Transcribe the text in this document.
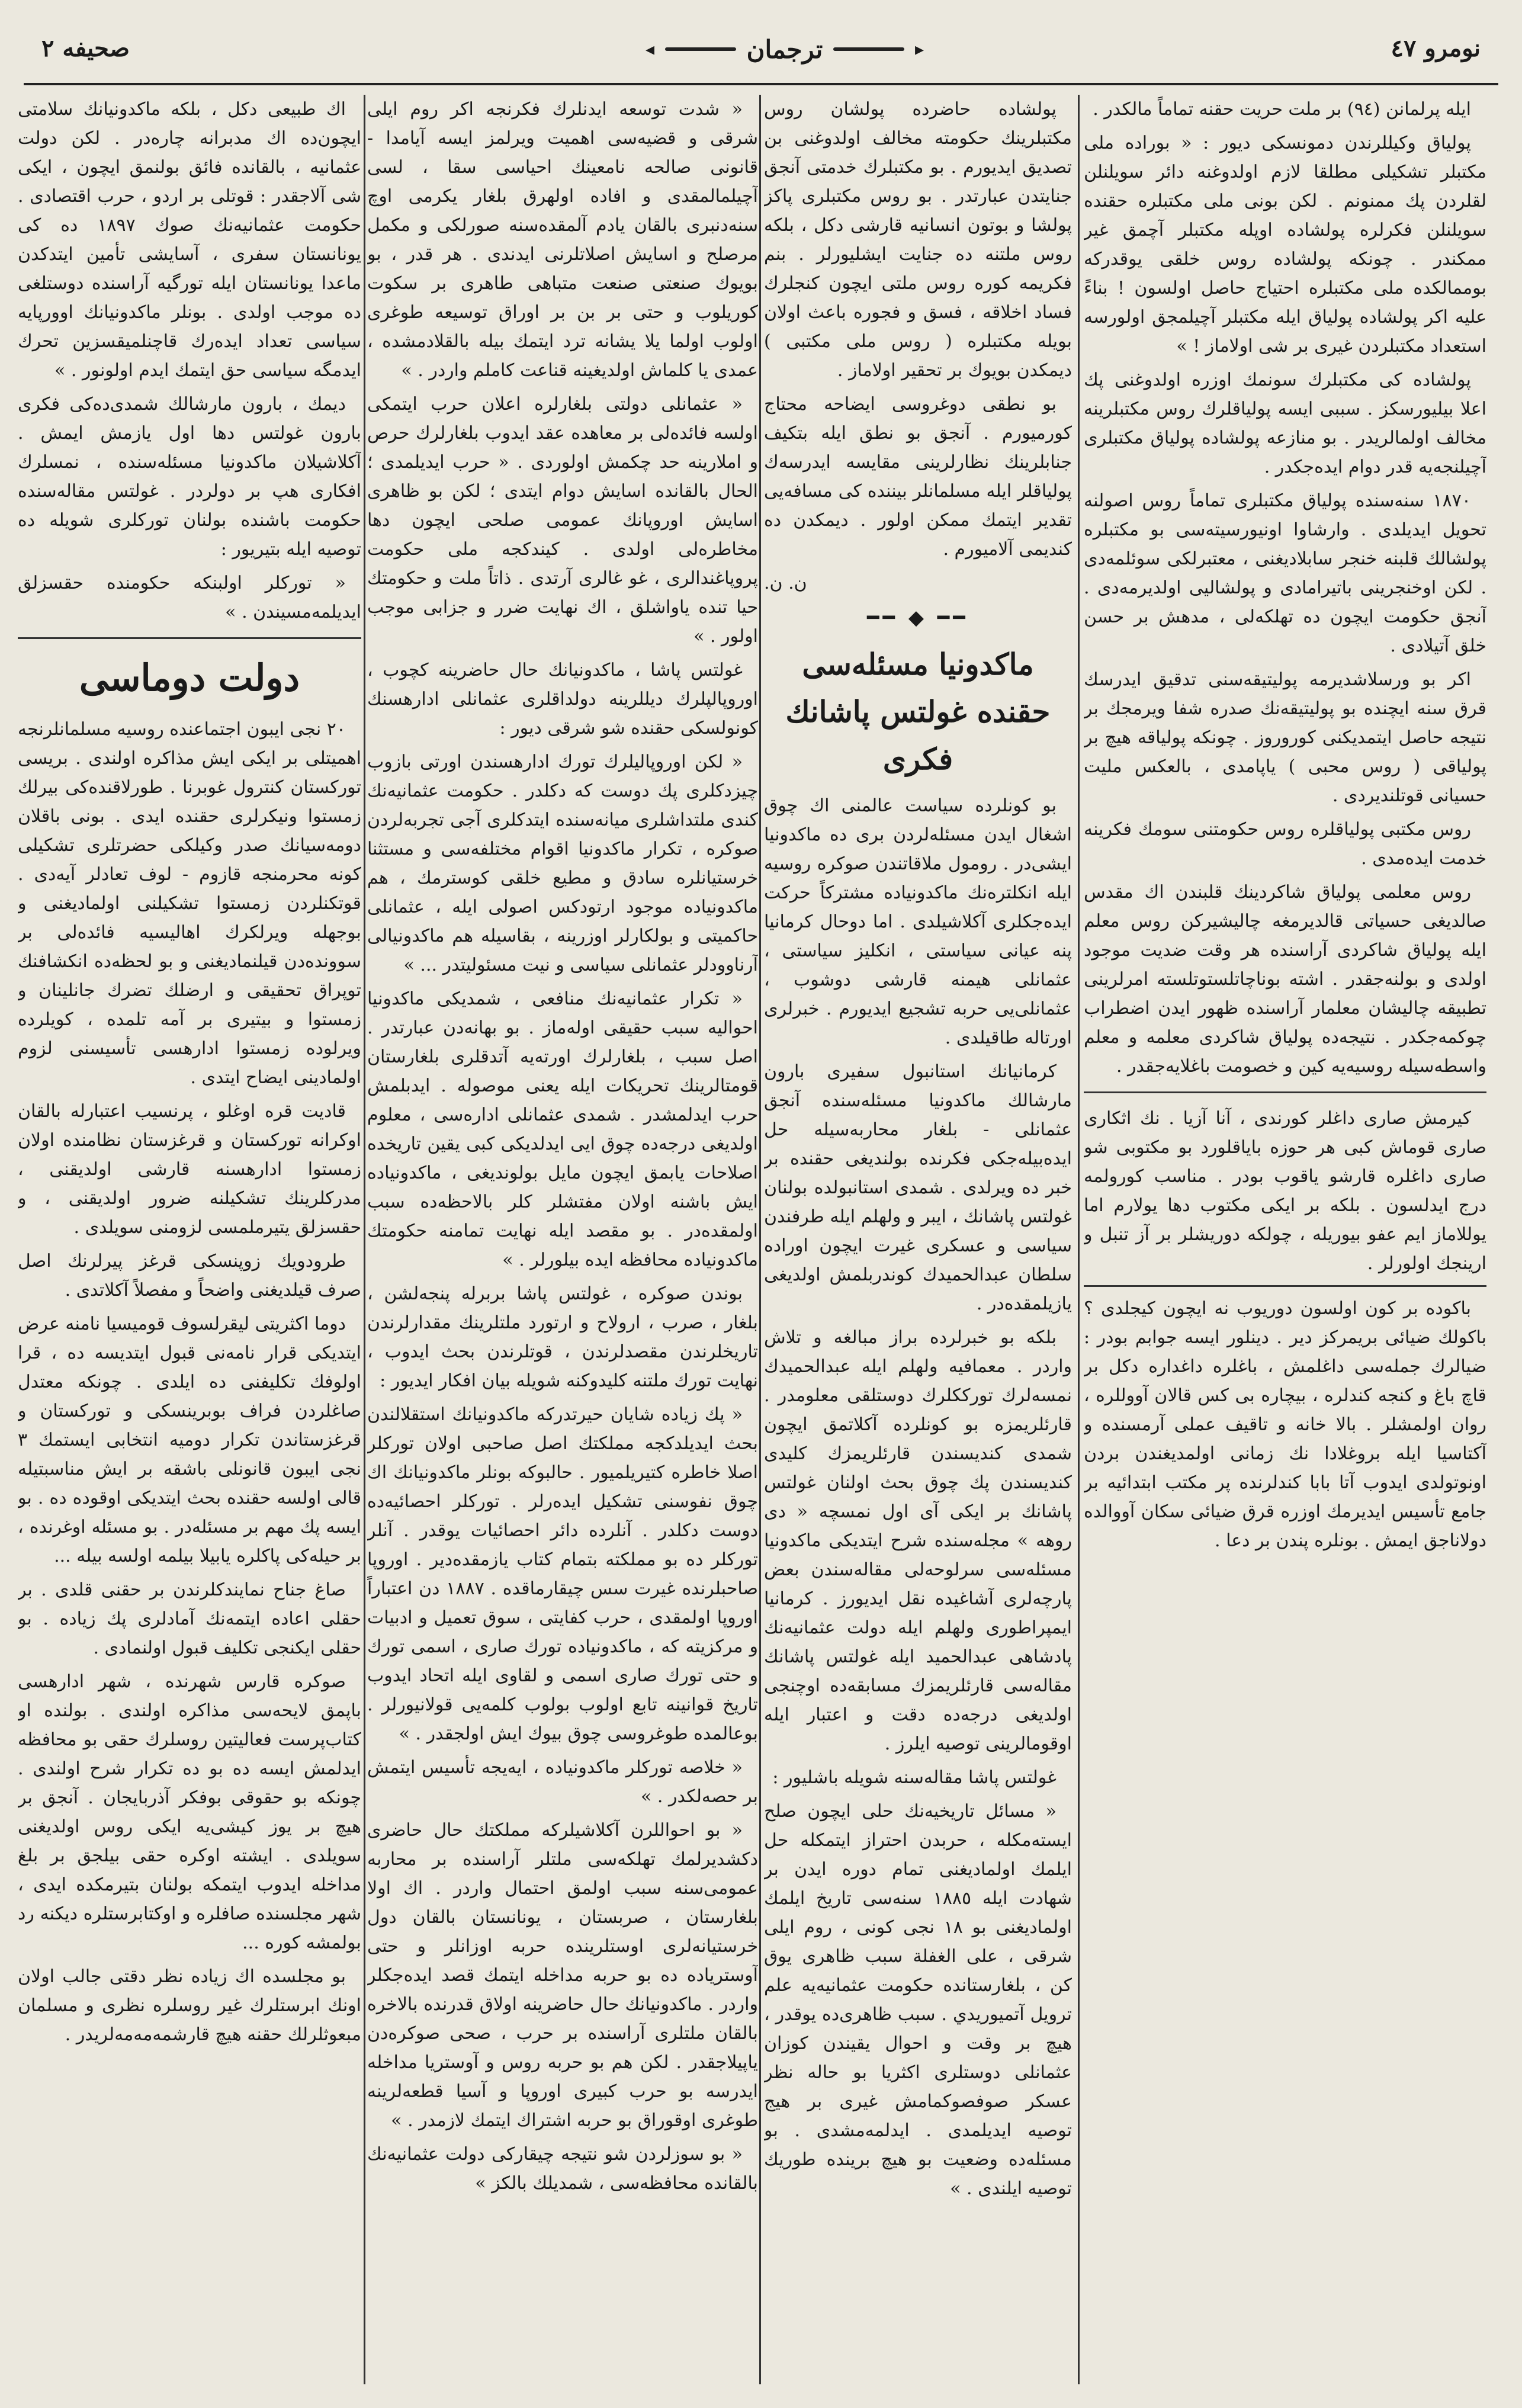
نومرو ٤٧
◂	ترجمان	▸
صحيفه ٢

ايله پرلمانن (٩٤) بر ملت حريت حقنه تماماً مالكدر .

پولياق وكيللرندن دمونسكى ديور : « بوراده ملى مكتبلر تشكيلى مطلقا لازم اولدوغنه دائر سويلنلن لقلردن پك ممنونم . لكن بونى ملى مكتبلره حقنده سويلنلن فكرلره پولشاده اوپله مكتبلر آچمق غير ممكندر . چونكه پولشاده روس خلقى يوقدركه بوممالكده ملى مكتبلره احتياج حاصل اولسون ! بناءً عليه اكر پولشاده پولياق ايله مكتبلر آچيلمجق اولورسه استعداد مكتبلردن غيرى بر شى اولاماز ! »

پولشاده كى مكتبلرك سونمك اوزره اولدوغنى پك اعلا بيليورسكز . سببى ايسه پولياقلرك روس مكتبلرينه مخالف اولمالريدر . بو منازعه پولشاده پولياق مكتبلرى آچيلنجه‌يه قدر دوام ايده‌جكدر .

١٨٧٠ سنه‌سنده پولياق مكتبلرى تماماً روس اصولنه تحويل ايديلدى . وارشاوا اونيورسيته‌سى بو مكتبلره پولشالك قلبنه خنجر سابلاديغنى ، معتبرلكى سوئلمه‌دى . لكن اوخنجرينى باتيرامادى و پولشاليى اولديرمه‌دى . آنجق حكومت ايچون ده تهلكه‌لى ، مدهش بر حسن خلق آتيلادى .

اكر بو ورسلاشديرمه پوليتيقه‌سنى تدقيق ايدرسك قرق سنه ايچنده بو پوليتيقه‌نك صدره شفا ويرمجك بر نتيجه حاصل ايتمديكنى كوروروز . چونكه پولياقه هيچ بر پولياقى ( روس محبى ) ياپامدى ، بالعكس مليت حسيانى قوتلنديردى .

روس مكتبى پولياقلره روس حكومتنى سومك فكرينه خدمت ايده‌مدى .

روس معلمى پولياق شاكردينك قلبندن اك مقدس صالديغى حسياتى قالديرمغه چاليشيركن روس معلم ايله پولياق شاكردى آراسنده هر وقت ضديت موجود اولدى و بولنه‌جقدر . اشته بوناچاتلستوتلسته امرلرينى تطبيقه چاليشان معلمار آراسنده ظهور ايدن اضطراب چوكمه‌جكدر . نتيجه‌ده پولياق شاكردى معلمه و معلم واسطه‌سيله روسيه‌يه كين و خصومت باغلايه‌جقدر .

كيرمش صارى داغلر كورندى ، آنا آزيا . نك اثكارى صارى قوماش كبى هر حوزه باياقلورد بو مكتوبى شو صارى داغلره قارشو ياقوب بودر . مناسب كورولمه درج ايدلسون . بلكه بر ايكى مكتوب دها يولارم اما يوللاماز ايم عفو بيوريله ، چولكه دوريشلر بر آز تنبل و ارينجك اولورلر .

باكوده بر كون اولسون دوريوب نه ايچون كيجلدى ؟ باكولك ضيائى بريمركز دير . دينلور ايسه جوابم بودر : ضيالرك جمله‌سى داغلمش ، باغلره داغداره دكل بر قاچ باغ و كنجه كندلره ، بيچاره بى كس قالان آووللره ، روان اولمشلر . بالا خانه و تاقيف عملى آرمسنده و آكتاسيا ايله بروغلادا نك زمانى اولمديغندن بردن اونوتولدى ايدوب آتا بابا كندلرنده پر مكتب ابتدائيه بر جامع تأسيس ايديرمك اوزره قرق ضيائى سكان آووالده دولاناجق ايمش . بونلره پندن بر دعا .

پولشاده حاضرده پولشان روس مكتبلرينك حكومته مخالف اولدوغنى بن تصديق ايديورم . بو مكتبلرك خدمتى آنجق جنايتدن عبارتدر . بو روس مكتبلرى پاكز پولشا و بوتون انسانيه قارشى دكل ، بلكه روس ملتنه ده جنايت ايشليورلر . بنم فكريمه كوره روس ملتى ايچون كنجلرك فساد اخلاقه ، فسق و فجوره باعث اولان بويله مكتبلره ( روس ملى مكتبى ) ديمكدن بويوك بر تحقير اولاماز .

بو نطقى دوغروسى ايضاحه محتاج كورميورم . آنجق بو نطق ايله بتكيف جنابلرينك نظارلرينى مقايسه ايدرسه‌ك پولياقلر ايله مسلمانلر بيننده كى مسافه‌يى تقدير ايتمك ممكن اولور . ديمكدن ده كنديمى آلاميورم .

ن. ن.
━━ ◆ ━━
ماكدونيا مسئله‌سى حقنده غولتس پاشانك فكرى

بو كونلرده سياست عالمنى اك چوق اشغال ايدن مسئله‌لردن برى ده ماكدونيا ايشى‌در . رومول ملاقاتندن صوكره روسيه ايله انكلتره‌نك ماكدونياده مشتركاً حركت ايده‌جكلرى آكلاشيلدى . اما دوحال كرمانيا پنه عيانى سياستى ، انكليز سياستى ، عثمانلى هيمنه قارشى دوشوب ، عثمانلى‌يى حربه تشجيع ايديورم . خبرلرى اورتاله طاقيلدى .

كرمانيانك استانبول سفيرى بارون مارشالك ماكدونيا مسئله‌سنده آنجق عثمانلى - بلغار محاربه‌سيله حل ايده‌بيله‌جكى فكرنده بولنديغى حقنده بر خبر ده ويرلدى . شمدى استانبولده بولنان غولتس پاشانك ، ايبر و ولهلم ايله طرفندن سياسى و عسكرى غيرت ايچون اوراده سلطان عبدالحميدك كوندربلمش اولديغى يازيلمقده‌در .

بلكه بو خبرلرده براز مبالغه و تلاش واردر . معمافيه ولهلم ايله عبدالحميدك نمسه‌لرك تورككلرك دوستلقى معلومدر . قارئلريمزه بو كونلرده آكلاتمق ايچون شمدى كنديسندن قارئلريمزك كليدى كنديسندن پك چوق بحث اولنان غولتس پاشانك بر ايكى آى اول نمسچه « دى روهه » مجله‌سنده شرح ايتديكى ماكدونيا مسئله‌سى سرلوحه‌لى مقاله‌سندن بعض پارچه‌لرى آشاغيده نقل ايديورز . كرمانيا ايمپراطورى ولهلم ايله دولت عثمانيه‌نك پادشاهى عبدالحميد ايله غولتس پاشانك مقاله‌سى قارئلريمزك مسابقه‌ده اوچنجى اولديغى درجه‌ده دقت و اعتبار ايله اوقومالرينى توصيه ايلرز .

غولتس پاشا مقاله‌سنه شويله باشليور :

« مسائل تاريخيه‌نك حلى ايچون صلح ايسته‌مكله ، حربدن احتراز ايتمكله حل ايلمك اولماديغنى تمام دوره ايدن بر شهادت ايله ١٨٨٥ سنه‌سى تاريخ ايلمك اولماديغنى بو ١٨ نجى كونى ، روم ايلى شرقى ، على الغفلة سبب ظاهرى يوق كن ، بلغارستانده حكومت عثمانيه‌يه علم ترويل آتميوريدي . سبب ظاهرى‌ده يوقدر ، هيچ بر وقت و احوال يقيندن كوزان عثمانلى دوستلرى اكثريا بو حاله نظر عسكر صوفصوكمامش غيرى بر هيج توصيه ايديلمدى . ايدلمه‌مشدى . بو مسئله‌ده وضعيت بو هيچ برينده طوريك توصيه ايلندى . »

« شدت توسعه ايدنلرك فكرنجه اكر روم ايلى شرقى و قضيه‌سى اهميت ويرلمز ايسه آيامدا - قانونى صالحه نامعينك احيا‌سى سقا ، لسى آچيلمالمقدى و افاده اولهرق بلغار يكرمى اوچ سنه‌دنبرى بالقان يادم آلمقده‌سنه صورلكى و مكمل مرصلح و اسايش اصلاتلرنى ايدندى . هر قدر ، بو بويوك صنعتى صنعت متباهى طاهرى بر سكوت كوريلوب و حتى بر بن بر اوراق توسيعه طوغرى اولوب اولما يلا يشانه ترد ايتمك بيله بالقلادمشده ، عمدى يا كلماش اولديغينه قناعت كاملم واردر . »

« عثمانلى دولتى بلغارلره اعلان حرب ايتمكى اولسه فائده‌لى بر معاهده عقد ايدوب بلغارلرك حرص و املارينه حد چكمش اولوردى . « حرب ايديلمدى ؛ الحال بالقانده اسايش دوام ايتدى ؛ لكن بو ظاهرى اسايش اوروپانك عمومى صلحى ايچون دها مخاطره‌لى اولدى . كيندكجه ملى حكومت پروپاغندالرى ، غو غالرى آرتدى . ذاتاً ملت و حكومتك حيا تنده ياواشلق ، اك نهايت ضرر و جزابى موجب اولور . »

غولتس پاشا ، ماكدونيانك حال حاضرينه كچوب ، اوروپالپلرك ديللرينه دولداقلرى عثمانلى ادارهسنك كونولسكى حقنده شو شرقى ديور :

« لكن اوروپاليلرك تورك ادارهسندن اورتى بازوب چيزدكلرى پك دوست كه دكلدر . حكومت عثمانيه‌نك كندى ملتداشلرى ميانه‌سنده ايتدكلرى آجى تجربه‌لردن صوكره ، تكرار ماكدونيا اقوام مختلفه‌سى و مستثنا خرستيانلره سادق و مطيع خلقى كوسترمك ، هم ماكدونياده موجود ارتودكس اصولى ايله ، عثمانلى حاكميتى و بولكارلر اوزرينه ، بقاسيله هم ماكدونيالى آرناوودلر عثمانلى سياسى و نيت مسئوليتدر ... »

« تكرار عثمانيه‌نك منافعى ، شمديكى ماكدونيا احواليه سبب حقيقى اوله‌ماز . بو بهانه‌دن عبارتدر . اصل سبب ، بلغارلرك اورته‌يه آتدقلرى بلغارستان قومتالرينك تحريكات ايله يعنى موصوله . ايدبلمش حرب ايدلمشدر . شمدى عثمانلى اداره‌سى ، معلوم اولديغى درجه‌ده چوق ايى ايدلديكى كبى يقين تاريخده اصلاحات يابمق ايچون مايل بولونديغى ، ماكدونياده ايش باشنه اولان مفتشلر كلر بالاحظه‌ده سبب اولمقده‌در . بو مقصد ايله نهايت تمامنه حكومتك ماكدونياده محافظه ايده بيلورلر . »

بوندن صوكره ، غولتس پاشا بربرله پنجه‌لشن ، بلغار ، صرب ، ارولاح و ارتورد ملتلرينك مقدارلرندن تاريخلرندن مقصدلرندن ، قوتلرندن بحث ايدوب ، نهايت تورك ملتنه كليدوكنه شويله بيان افكار ايديور :

« پك زياده شايان حيرتدركه ماكدونيانك استقلالندن بحث ايديلدكجه مملكتك اصل صاحبى اولان توركلر اصلا خاطره كتيريلميور . حالبوكه بونلر ماكدونيانك اك چوق نفوسنى تشكيل ايده‌رلر . توركلر احصائيه‌ده دوست دكلدر . آنلرده دائر احصائيات يوقدر . آنلر توركلر ده بو مملكته بتمام كتاب يازمقده‌دير . اوروپا صاحبلرنده غيرت سس چيقارماقده . ١٨٨٧ دن اعتباراً اوروپا اولمقدى ، حرب كفايتى ، سوق تعميل و ادبيات و مركزيته كه ، ماكدونياده تورك صارى ، اسمى تورك و حتى تورك صارى اسمى و لقاوى ايله اتحاد ايدوب تاريخ قوانينه تابع اولوب بولوب كلمه‌يى قولانيورلر . بوعالمده طوغروسى چوق بيوك ايش اولجقدر . »

« خلاصه توركلر ماكدونياده ، ايه‌يجه تأسيس ايتمش بر حصه‌لكدر . »

« بو احواللرن آكلاشيلركه مملكتك حال حاضرى دكشديرلمك تهلكه‌سى ملتلر آراسنده بر محاربه عمومى‌سنه سبب اولمق احتمال واردر . اك اولا بلغارستان ، صربستان ، يونانستان بالقان دول خرستيانه‌لرى اوستلرينده حربه اوزانلر و حتى آوسترياده ده بو حربه مداخله ايتمك قصد ايده‌جكلر واردر . ماكدونيانك حال حاضرينه اولاق قدرنده بالاخره بالقان ملتلرى آراسنده بر حرب ، صحى صوكره‌دن ياپيلاجقدر . لكن هم بو حربه روس و آوستريا مداخله ايدرسه بو حرب كبيرى اوروپا و آسيا قطعه‌لرينه طوغرى اوقوراق بو حربه اشتراك ايتمك لازمدر . »

« بو سوزلردن شو نتيجه چيقاركى دولت عثمانيه‌نك بالقانده محافظه‌سى ، شمديلك بالكز »

اك طبيعى دكل ، بلكه ماكدونيانك سلامتى ايچون‌ده اك مدبرانه چاره‌در . لكن دولت عثمانيه ، بالقانده فائق بولنمق ايچون ، ايكى شى آلاجقدر : قوتلى بر اردو ، حرب اقتصادى . حكومت عثمانيه‌نك صوك ١٨٩٧ ده كى يونانستان سفرى ، آسايشى تأمين ايتدكدن ماعدا يونانستان ايله تورگيه آراسنده دوستلغى ده موجب اولدى . بونلر ماكدونيانك اوورپايه سياسى تعداد ايده‌رك قاچنلميقسزين تحرك ايدمگه سياسى حق ايتمك ايدم اولونور . »

ديمك ، بارون مارشالك شمدى‌ده‌كى فكرى بارون غولتس دها اول يازمش ايمش . آكلاشيلان ماكدونيا مسئله‌سنده ، نمسلرك افكارى هپ بر دولردر . غولتس مقاله‌سنده حكومت باشنده بولنان توركلرى شويله ده توصيه ايله بتيريور :

« توركلر اولبنكه حكومنده حقسزلق ايديلمه‌مسيندن . »

دولت دوماسى

٢٠ نجى ايبون اجتماعنده روسيه مسلمانلرنجه اهميتلى بر ايكى ايش مذاكره اولندى . بريسى توركستان كنترول غوبرنا . طورلاقنده‌كى بيرلك زمستوا ونيكرلرى حقنده ايدى . بونى باقلان دومه‌سيانك صدر وكيلكى حضرتلرى تشكيلى كونه محرمنجه قازوم - لوف تعادلر آيه‌دى . قوتكنلردن زمستوا تشكيلنى اولماديغنى و بوجهله ويرلكرك اهاليسيه فائده‌لى بر سوونده‌دن قيلنماديغنى و بو لحظه‌ده انكشافنك توپراق تحقيقى و ارضلك تضرك جانلينان و زمستوا و بيتيرى بر آمه تلمده ، كويلرده ويرلوده زمستوا ادارهسى تأسيسنى لزوم اولمادينى ايضاح ايتدى .

قاديت قره اوغلو ، پرنسيب اعتبارله بالقان اوكرانه توركستان و قرغزستان نظامنده اولان زمستوا ادارهسنه قارشى اولديقنى ، مدركلرينك تشكيلنه ضرور اولديقنى ، و حقسزلق يتيرملمسى لزومنى سويلدى .

طرودويك زوپنسكى قرغز پيرلرنك اصل صرف قيلديغنى واضحاً و مفصلاً آكلاتدى .

دوما اكثريتى ليقرلسوف قوميسيا نامنه عرض ايتديكى قرار نامه‌نى قبول ايتديسه ده ، قرا اولوفك تكليفنى ده ايلدى . چونكه معتدل صاغلردن فراف بوبرينسكى و توركستان و قرغزستاندن تكرار دوميه انتخابى ايستمك ٣ نجى ايبون قانونلى باشقه بر ايش مناسبتيله قالى اولسه حقنده بحث ايتديكى اوقوده ده . بو ايسه پك مهم بر مسئله‌در . بو مسئله اوغرنده ، بر حيله‌كى پاكلره يابيلا بيلمه اولسه بيله ...

صاغ جناح نمايندكلرندن بر حقنى قلدى . بر حقلى اعاده ايتمه‌نك آمادلرى پك زياده . بو حقلى ايكنجى تكليف قبول اولنمادى .

صوكره قارس شهرنده ، شهر ادارهسى باپمق لايحه‌سى مذاكره اولندى . بولنده او كتاب‌پرست فعاليتين روسلرك حقى بو محافظه ايدلمش ايسه ده بو ده تكرار شرح اولندى . چونكه بو حقوقى بوفكر آذربايجان . آنجق بر هيچ بر يوز كيشى‌يه ايكى روس اولديغنى سويلدى . ايشته اوكره حقى بيلجق بر بلغ مداخله ايدوب ايتمكه بولنان بتيرمكده ايدى ، شهر مجلسنده صافلره و اوكتابرستلره ديكنه رد بولمشه كوره ...

بو مجلسده اك زياده نظر دقتى جالب اولان اونك ابرستلرك غير روسلره نظرى و مسلمان مبعوثلرلك حقنه هيچ قارشمه‌مه‌مه‌لريدر .
